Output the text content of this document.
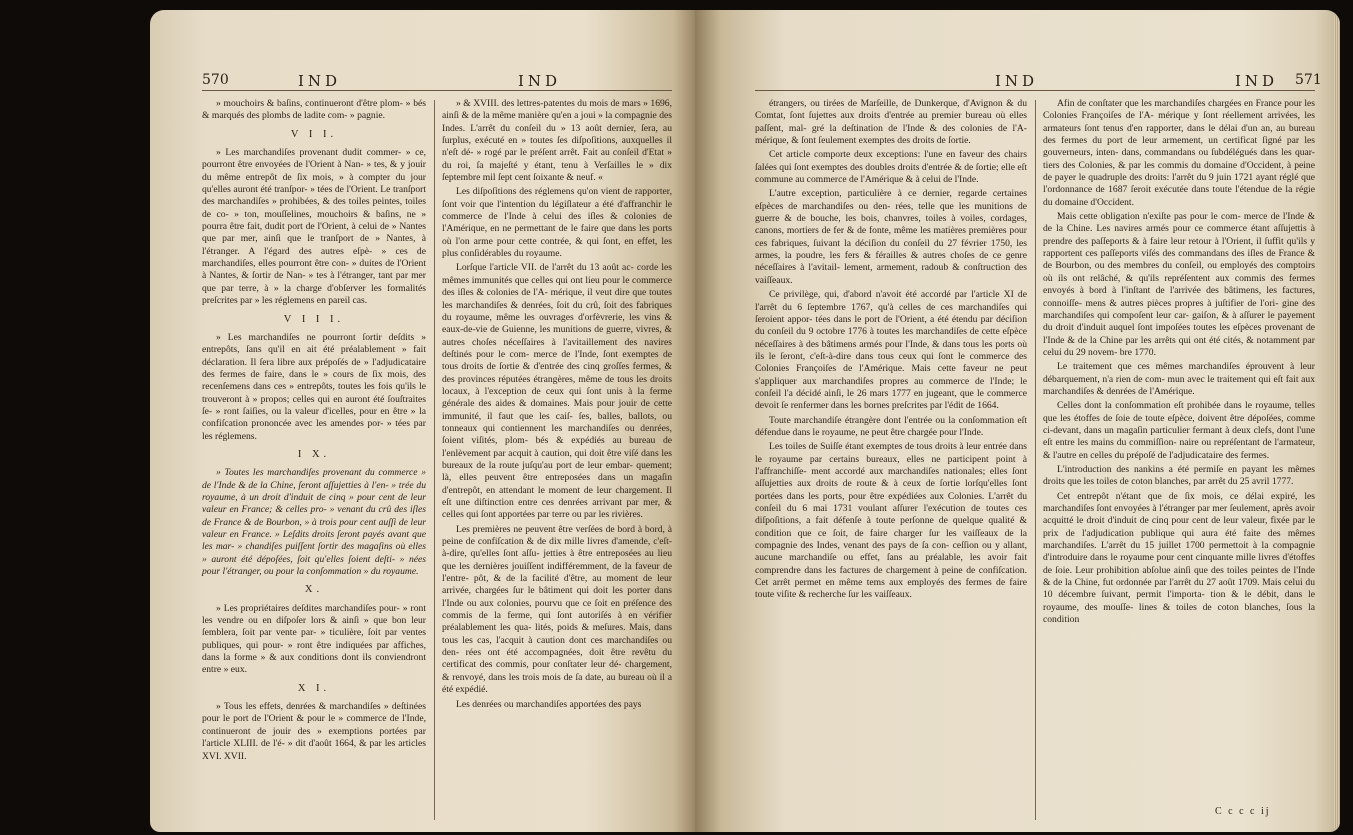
570	IND	IND

» mouchoirs & baſins, continueront d'être plom- » bés & marqués des plombs de ladite com- » pagnie.

V I I.

» Les marchandiſes provenant dudit commer- » ce, pourront être envoyées de l'Orient à Nan- » tes, & y jouir du même entrepôt de ſix mois, » à compter du jour qu'elles auront été tranſpor- » tées de l'Orient. Le tranſport des marchandiſes » prohibées, & des toiles peintes, toiles de co- » ton, mouſſelines, mouchoirs & baſins, ne » pourra être fait, dudit port de l'Orient, à celui de » Nantes que par mer, ainſi que le tranſport de » Nantes, à l'étranger. A l'égard des autres eſpè- » ces de marchandiſes, elles pourront être con- » duites de l'Orient à Nantes, & ſortir de Nan- » tes à l'étranger, tant par mer que par terre, à » la charge d'obſerver les formalités preſcrites par » les réglemens en pareil cas.

V I I I.

» Les marchandiſes ne pourront ſortir deſdits » entrepôts, ſans qu'il en ait été préalablement » fait déclaration. Il ſera libre aux prépoſés de » l'adjudicataire des fermes de faire, dans le » cours de ſix mois, des recenſemens dans ces » entrepôts, toutes les fois qu'ils le trouveront à » propos; celles qui en auront été ſouſtraites ſe- » ront ſaiſies, ou la valeur d'icelles, pour en être » la confiſcation prononcée avec les amendes por- » tées par les réglemens.

I X.

» Toutes les marchandiſes provenant du commerce » de l'Inde & de la Chine, ſeront aſſujetties à l'en- » trée du royaume, à un droit d'induit de cinq » pour cent de leur valeur en France; & celles pro- » venant du crû des iſles de France & de Bourbon, » à trois pour cent auſſi de leur valeur en France. » Leſdits droits ſeront payés avant que les mar- » chandiſes puiſſent ſortir des magaſins où elles » auront été dépoſées, ſoit qu'elles ſoient deſti- » nées pour l'étranger, ou pour la conſommation » du royaume.

X.

» Les propriétaires deſdites marchandiſes pour- » ront les vendre ou en diſpoſer lors & ainſi » que bon leur ſemblera, ſoit par vente par- » ticulière, ſoit par ventes publiques, qui pour- » ront être indiquées par affiches, dans la forme » & aux conditions dont ils conviendront entre » eux.

X I.

» Tous les effets, denrées & marchandiſes » deſtinées pour le port de l'Orient & pour le » commerce de l'Inde, continueront de jouir des » exemptions portées par l'article XLIII. de l'é- » dit d'août 1664, & par les articles XVI. XVII.

» & XVIII. des lettres-patentes du mois de mars » 1696, ainſi & de la même manière qu'en a joui » la compagnie des Indes. L'arrêt du conſeil du » 13 août dernier, ſera, au ſurplus, exécuté en » toutes ſes diſpoſitions, auxquelles il n'eſt dé- » rogé par le préſent arrêt. Fait au conſeil d'Etat » du roi, ſa majeſté y étant, tenu à Verſailles le » dix ſeptembre mil ſept cent ſoixante & neuf. «

Les diſpoſitions des réglemens qu'on vient de rapporter, ſont voir que l'intention du légiſlateur a été d'affranchir le commerce de l'Inde à celui des iſles & colonies de l'Amérique, en ne permettant de le faire que dans les ports où l'on arme pour cette contrée, & qui ſont, en effet, les plus conſidérables du royaume.

Lorſque l'article VII. de l'arrêt du 13 août ac- corde les mêmes immunités que celles qui ont lieu pour le commerce des iſles & colonies de l'A- mérique, il veut dire que toutes les marchandiſes & denrées, ſoit du crû, ſoit des fabriques du royaume, même les ouvrages d'orfèvrerie, les vins & eaux-de-vie de Guienne, les munitions de guerre, vivres, & autres choſes néceſſaires à l'avitaillement des navires deſtinés pour le com- merce de l'Inde, ſont exemptes de tous droits de ſortie & d'entrée des cinq groſſes fermes, & des provinces réputées étrangères, même de tous les droits locaux, à l'exception de ceux qui ſont unis à la ferme générale des aides & domaines. Mais pour jouir de cette immunité, il faut que les caiſ- ſes, balles, ballots, ou tonneaux qui contiennent les marchandiſes ou denrées, ſoient viſités, plom- bés & expédiés au bureau de l'enlèvement par acquit à caution, qui doit être viſé dans les bureaux de la route juſqu'au port de leur embar- quement; là, elles peuvent être entreposées dans un magaſin d'entrepôt, en attendant le moment de leur chargement. Il eſt une diſtinction entre ces denrées arrivant par mer, & celles qui ſont apportées par terre ou par les rivières.

Les premières ne peuvent être verſées de bord à bord, à peine de confiſcation & de dix mille livres d'amende, c'eſt-à-dire, qu'elles ſont aſſu- jetties à être entreposées au lieu que les dernières jouiſſent indifféremment, de la faveur de l'entre- pôt, & de la facilité d'être, au moment de leur arrivée, chargées ſur le bâtiment qui doit les porter dans l'Inde ou aux colonies, pourvu que ce ſoit en préſence des commis de la ferme, qui ſont autoriſés à en vérifier préalablement les qua- lités, poids & meſures. Mais, dans tous les cas, l'acquit à caution dont ces marchandiſes ou den- rées ont été accompagnées, doit être revêtu du certificat des commis, pour conſtater leur dé- chargement, & renvoyé, dans les trois mois de ſa date, au bureau où il a été expédié.

Les denrées ou marchandiſes apportées des pays

IND	IND 571

étrangers, ou tirées de Marſeille, de Dunkerque, d'Avignon & du Comtat, ſont ſujettes aux droits d'entrée au premier bureau où elles paſſent, mal- gré la deſtination de l'Inde & des colonies de l'A- mérique, & ſont ſeulement exemptes des droits de ſortie.

Cet article comporte deux exceptions: l'une en faveur des chairs ſalées qui ſont exemptes des doubles droits d'entrée & de ſortie; elle eſt commune au commerce de l'Amérique & à celui de l'Inde.

L'autre exception, particulière à ce dernier, regarde certaines eſpèces de marchandiſes ou den- rées, telle que les munitions de guerre & de bouche, les bois, chanvres, toiles à voiles, cordages, canons, mortiers de fer & de fonte, même les matières premières pour ces fabriques, ſuivant la déciſion du conſeil du 27 février 1750, les armes, la poudre, les fers & férailles & autres choſes de ce genre néceſſaires à l'avitail- lement, armement, radoub & conſtruction des vaiſſeaux.

Ce privilège, qui, d'abord n'avoit été accordé par l'article XI de l'arrêt du 6 ſeptembre 1767, qu'à celles de ces marchandiſes qui ſeroient appor- tées dans le port de l'Orient, a été étendu par déciſion du conſeil du 9 octobre 1776 à toutes les marchandiſes de cette eſpèce néceſſaires à des bâtimens armés pour l'Inde, & dans tous les ports où ils le ſeront, c'eſt-à-dire dans tous ceux qui ſont le commerce des Colonies Françoiſes de l'Amérique. Mais cette faveur ne peut s'appliquer aux marchandiſes propres au commerce de l'Inde; le conſeil l'a décidé ainſi, le 26 mars 1777 en jugeant, que le commerce devoit ſe renfermer dans les bornes preſcrites par l'édit de 1664.

Toute marchandiſe étrangère dont l'entrée ou la conſommation eſt défendue dans le royaume, ne peut être chargée pour l'Inde.

Les toiles de Suiſſe étant exemptes de tous droits à leur entrée dans le royaume par certains bureaux, elles ne participent point à l'affranchiſſe- ment accordé aux marchandiſes nationales; elles ſont aſſujetties aux droits de route & à ceux de ſortie lorſqu'elles ſont portées dans les ports, pour être expédiées aux Colonies. L'arrêt du conſeil du 6 mai 1731 voulant aſſurer l'exécution de toutes ces diſpoſitions, a fait défenſe à toute perſonne de quelque qualité & condition que ce ſoit, de faire charger ſur les vaiſſeaux de la compagnie des Indes, venant des pays de ſa con- ceſſion ou y allant, aucune marchandiſe ou effet, ſans au préalable, les avoir fait comprendre dans les factures de chargement à peine de confiſcation. Cet arrêt permet en même tems aux employés des fermes de faire toute viſite & recherche ſur les vaiſſeaux.

Afin de conſtater que les marchandiſes chargées en France pour les Colonies Françoiſes de l'A- mérique y ſont réellement arrivées, les armateurs ſont tenus d'en rapporter, dans le délai d'un an, au bureau des fermes du port de leur armement, un certificat ſigné par les gouverneurs, inten- dans, commandans ou ſubdélégués dans les quar- tiers des Colonies, & par les commis du domaine d'Occident, à peine de payer le quadruple des droits: l'arrêt du 9 juin 1721 ayant réglé que l'ordonnance de 1687 ſeroit exécutée dans toute l'étendue de la régie du domaine d'Occident.

Mais cette obligation n'exiſte pas pour le com- merce de l'Inde & de la Chine. Les navires armés pour ce commerce étant aſſujettis à prendre des paſſeports & à faire leur retour à l'Orient, il ſuffit qu'ils y rapportent ces paſſeports viſés des commandans des iſles de France & de Bourbon, ou des membres du conſeil, ou employés des comptoirs où ils ont relâché, & qu'ils repréſentent aux commis des fermes envoyés à bord à l'inſtant de l'arrivée des bâtimens, les factures, connoiſſe- mens & autres pièces propres à juſtifier de l'ori- gine des marchandiſes qui compoſent leur car- gaiſon, & à aſſurer le payement du droit d'induit auquel ſont impoſées toutes les eſpèces provenant de l'Inde & de la Chine par les arrêts qui ont été cités, & notamment par celui du 29 novem- bre 1770.

Le traitement que ces mêmes marchandiſes éprouvent à leur débarquement, n'a rien de com- mun avec le traitement qui eſt fait aux marchandiſes & denrées de l'Amérique.

Celles dont la conſommation eſt prohibée dans le royaume, telles que les étoffes de ſoie de toute eſpèce, doivent être dépoſées, comme ci-devant, dans un magaſin particulier fermant à deux clefs, dont l'une eſt entre les mains du commiſſion- naire ou repréſentant de l'armateur, & l'autre en celles du prépoſé de l'adjudicataire des fermes.

L'introduction des nankins a été permiſe en payant les mêmes droits que les toiles de coton blanches, par arrêt du 25 avril 1777.

Cet entrepôt n'étant que de ſix mois, ce délai expiré, les marchandiſes ſont envoyées à l'étranger par mer ſeulement, après avoir acquitté le droit d'induit de cinq pour cent de leur valeur, fixée par le prix de l'adjudication publique qui aura été faite des mêmes marchandiſes. L'arrêt du 15 juillet 1700 permettoit à la compagnie d'introduire dans le royaume pour cent cinquante mille livres d'étoffes de ſoie. Leur prohibition abſolue ainſi que des toiles peintes de l'Inde & de la Chine, fut ordonnée par l'arrêt du 27 août 1709. Mais celui du 10 décembre ſuivant, permit l'importa- tion & le débit, dans le royaume, des mouſſe- lines & toiles de coton blanches, ſous la condition

C c c c ij
